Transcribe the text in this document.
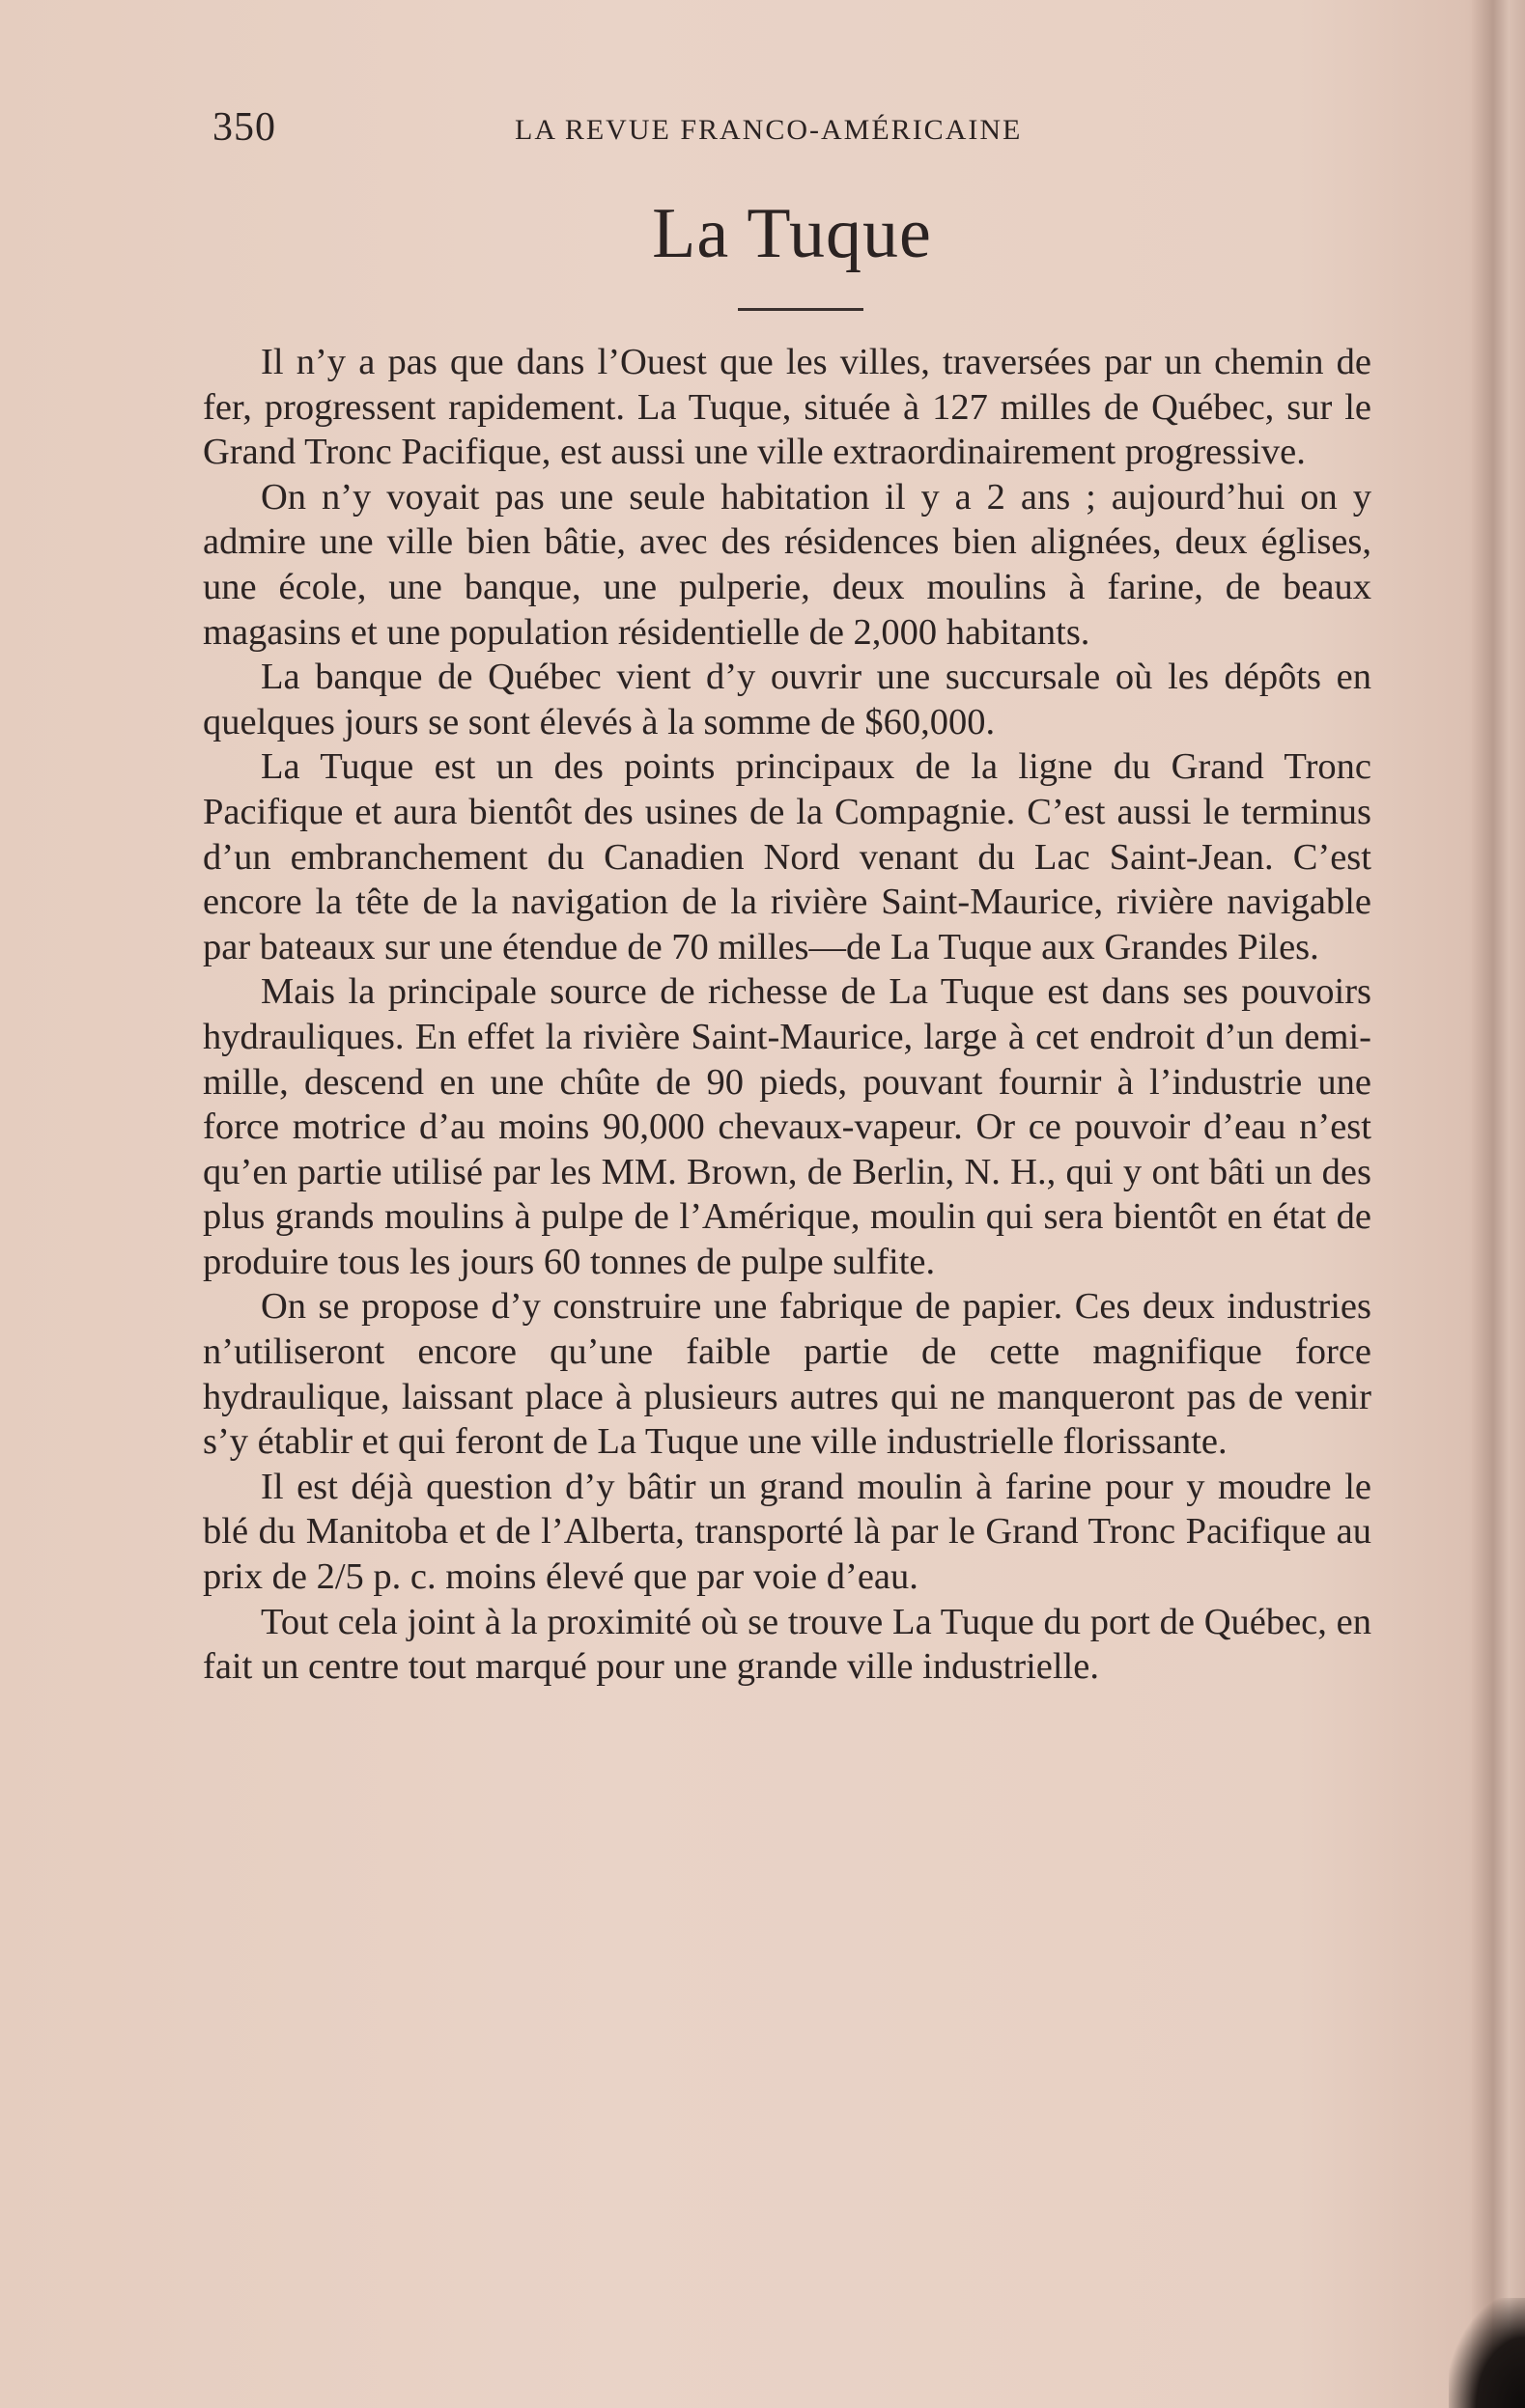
350	LA REVUE FRANCO-AMÉRICAINE
La Tuque

Il n’y a pas que dans l’Ouest que les villes, traversées par un chemin de fer, progressent rapidement. La Tuque, située à 127 milles de Québec, sur le Grand Tronc Pacifique, est aussi une ville extraordinairement progressive.

On n’y voyait pas une seule habitation il y a 2 ans ; aujourd’hui on y admire une ville bien bâtie, avec des résidences bien alignées, deux églises, une école, une banque, une pulperie, deux moulins à farine, de beaux magasins et une population résidentielle de 2,000 habitants.

La banque de Québec vient d’y ouvrir une succursale où les dépôts en quelques jours se sont élevés à la somme de $60,000.

La Tuque est un des points principaux de la ligne du Grand Tronc Pacifique et aura bientôt des usines de la Compagnie. C’est aussi le terminus d’un embranchement du Canadien Nord venant du Lac Saint-Jean. C’est encore la tête de la navigation de la rivière Saint-Maurice, rivière navigable par bateaux sur une étendue de 70 milles—de La Tuque aux Grandes Piles.

Mais la principale source de richesse de La Tuque est dans ses pouvoirs hydrauliques. En effet la rivière Saint-Maurice, large à cet endroit d’un demi-mille, descend en une chûte de 90 pieds, pouvant fournir à l’industrie une force motrice d’au moins 90,000 chevaux-vapeur. Or ce pouvoir d’eau n’est qu’en partie utilisé par les MM. Brown, de Berlin, N. H., qui y ont bâti un des plus grands moulins à pulpe de l’Amérique, moulin qui sera bientôt en état de produire tous les jours 60 tonnes de pulpe sulfite.

On se propose d’y construire une fabrique de papier. Ces deux industries n’utiliseront encore qu’une faible partie de cette magnifique force hydraulique, laissant place à plusieurs autres qui ne manqueront pas de venir s’y établir et qui feront de La Tuque une ville industrielle florissante.

Il est déjà question d’y bâtir un grand moulin à farine pour y moudre le blé du Manitoba et de l’Alberta, transporté là par le Grand Tronc Pacifique au prix de 2/5 p. c. moins élevé que par voie d’eau.

Tout cela joint à la proximité où se trouve La Tuque du port de Québec, en fait un centre tout marqué pour une grande ville industrielle.
